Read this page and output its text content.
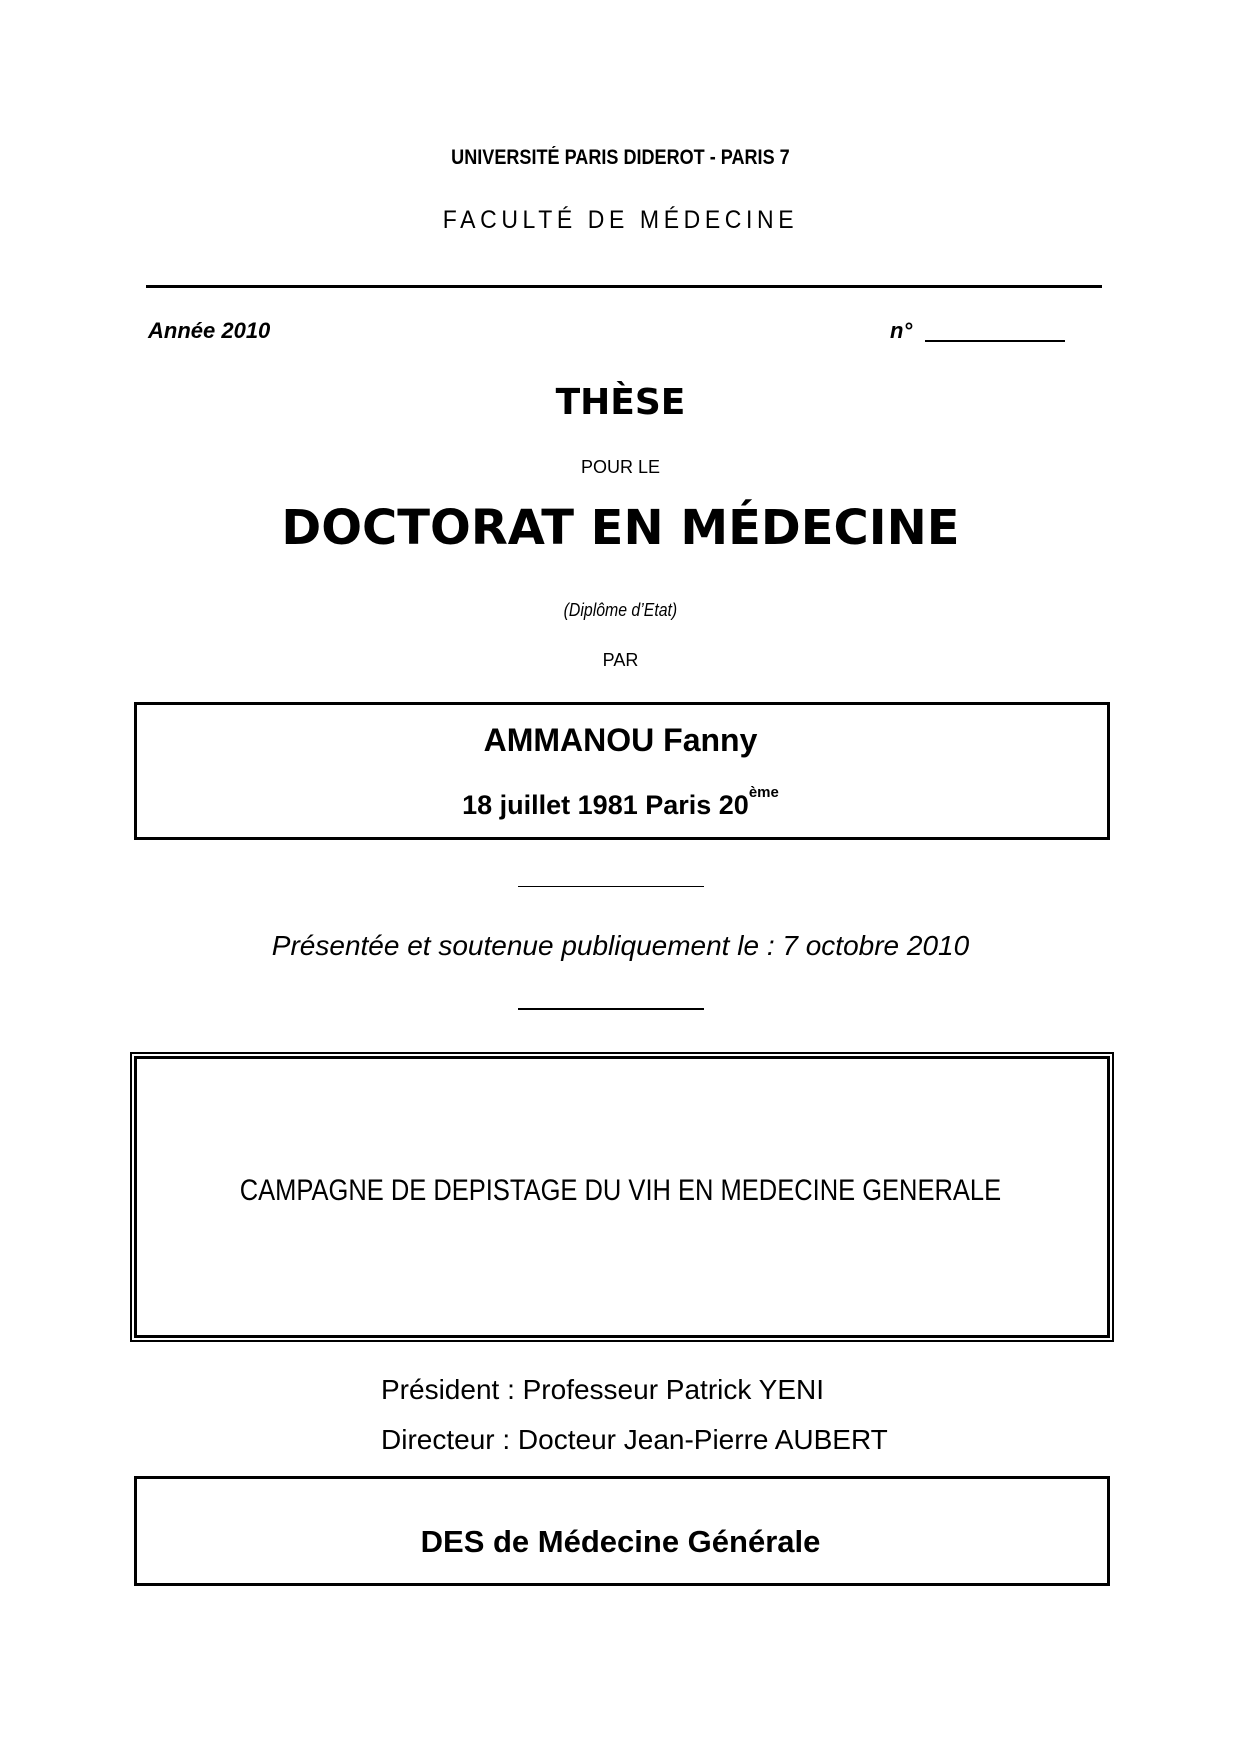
UNIVERSITÉ PARIS DIDEROT - PARIS 7
FACULTÉ DE MÉDECINE
Année 2010	n°
THÈSE
POUR LE
DOCTORAT EN MÉDECINE
(Diplôme d’Etat)
PAR
AMMANOU Fanny
18 juillet 1981 Paris 20ème
Présentée et soutenue publiquement le : 7 octobre 2010
CAMPAGNE DE DEPISTAGE DU VIH EN MEDECINE GENERALE
Président : Professeur Patrick YENI
Directeur : Docteur Jean-Pierre AUBERT
DES de Médecine Générale
